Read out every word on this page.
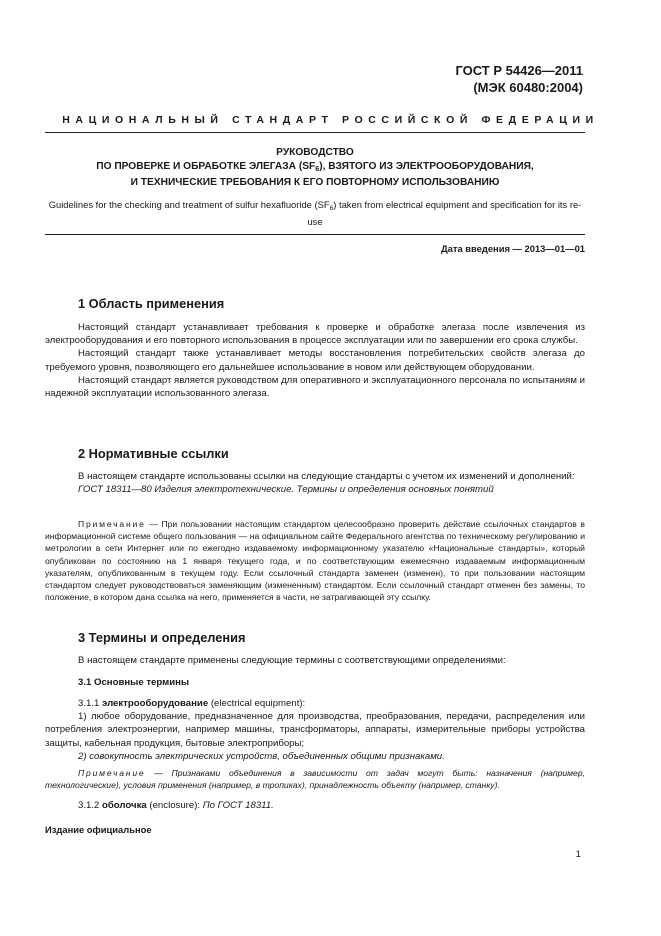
ГОСТ Р 54426—2011
(МЭК 60480:2004)
НАЦИОНАЛЬНЫЙ СТАНДАРТ РОССИЙСКОЙ ФЕДЕРАЦИИ
РУКОВОДСТВО
ПО ПРОВЕРКЕ И ОБРАБОТКЕ ЭЛЕГАЗА $(SF_6)$, ВЗЯТОГО ИЗ ЭЛЕКТРООБОРУДОВАНИЯ,
И ТЕХНИЧЕСКИЕ ТРЕБОВАНИЯ К ЕГО ПОВТОРНОМУ ИСПОЛЬЗОВАНИЮ
Guidelines for the checking and treatment of sulfur hexafluoride $(SF_6)$ taken from electrical equipment and specification for its re-use
Дата введения — 2013—01—01
1 Область применения
Настоящий стандарт устанавливает требования к проверке и обработке элегаза после извлечения из электрооборудования и его повторного использования в процессе эксплуатации или по завершении его срока службы.
Настоящий стандарт также устанавливает методы восстановления потребительских свойств элегаза до требуемого уровня, позволяющего его дальнейшее использование в новом или действующем оборудовании.
Настоящий стандарт является руководством для оперативного и эксплуатационного персонала по испытаниям и надежной эксплуатации использованного элегаза.
2 Нормативные ссылки
В настоящем стандарте использованы ссылки на следующие стандарты с учетом их изменений и дополнений:
ГОСТ 18311—80 Изделия электротехнические. Термины и определения основных понятий
Примечание — При пользовании настоящим стандартом целесообразно проверить действие ссылочных стандартов в информационной системе общего пользования — на официальном сайте Федерального агентства по техническому регулированию и метрологии в сети Интернет или по ежегодно издаваемому информационному указателю «Национальные стандарты», который опубликован по состоянию на 1 января текущего года, и по соответствующим ежемесячно издаваемым информационным указателям, опубликованным в текущем году. Если ссылочный стандарта заменен (изменен), то при пользовании настоящим стандартом следует руководствоваться заменяющим (измененным) стандартом. Если ссылочный стандарт отменен без замены, то положение, в котором дана ссылка на него, применяется в части, не затрагивающей эту ссылку.
3 Термины и определения
В настоящем стандарте применены следующие термины с соответствующими определениями:
3.1 Основные термины
3.1.1 электрооборудование (electrical equipment):
1) любое оборудование, предназначенное для производства, преобразования, передачи, распределения или потребления электроэнергии, например машины, трансформаторы, аппараты, измерительные приборы устройства защиты, кабельная продукция, бытовые электроприборы;
2) совокупность электрических устройств, объединенных общими признаками.
Примечание — Признаками объединения в зависимости от задач могут быть: назначения (например, технологические), условия применения (например, в тропиках), принадлежность объекту (например, станку).
3.1.2 оболочка (enclosure): По ГОСТ 18311.
Издание официальное
1
